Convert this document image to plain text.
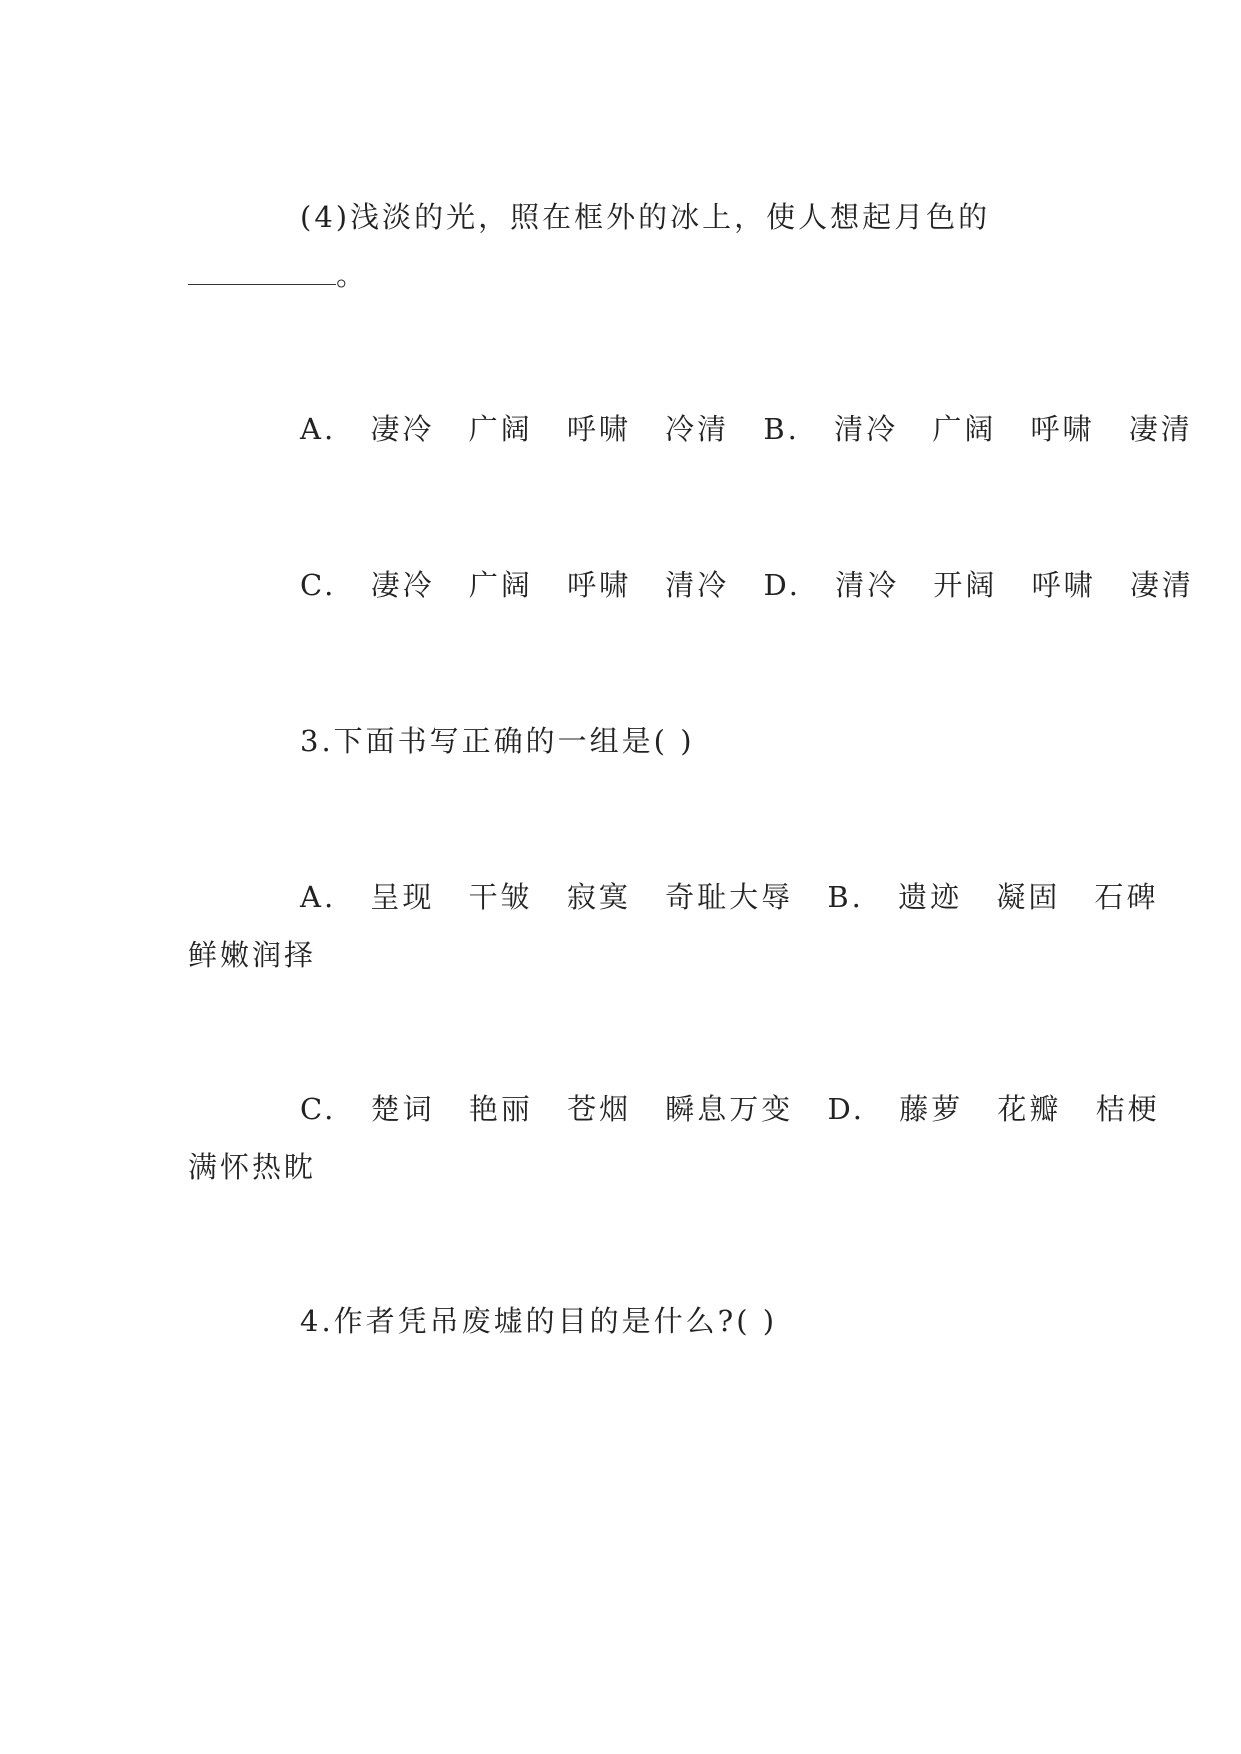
(4)浅淡的光，照在框外的冰上，使人想起月色的
。
A. 凄冷 广阔 呼啸 冷清 B. 清冷 广阔 呼啸 凄清
C. 凄冷 广阔 呼啸 清冷 D. 清冷 开阔 呼啸 凄清
3.下面书写正确的一组是( )
A. 呈现 干皱 寂寞 奇耻大辱 B. 遗迹 凝固 石碑
鲜嫩润择
C. 楚词 艳丽 苍烟 瞬息万变 D. 藤萝 花瓣 桔梗
满怀热眈
4.作者凭吊废墟的目的是什么?( )
